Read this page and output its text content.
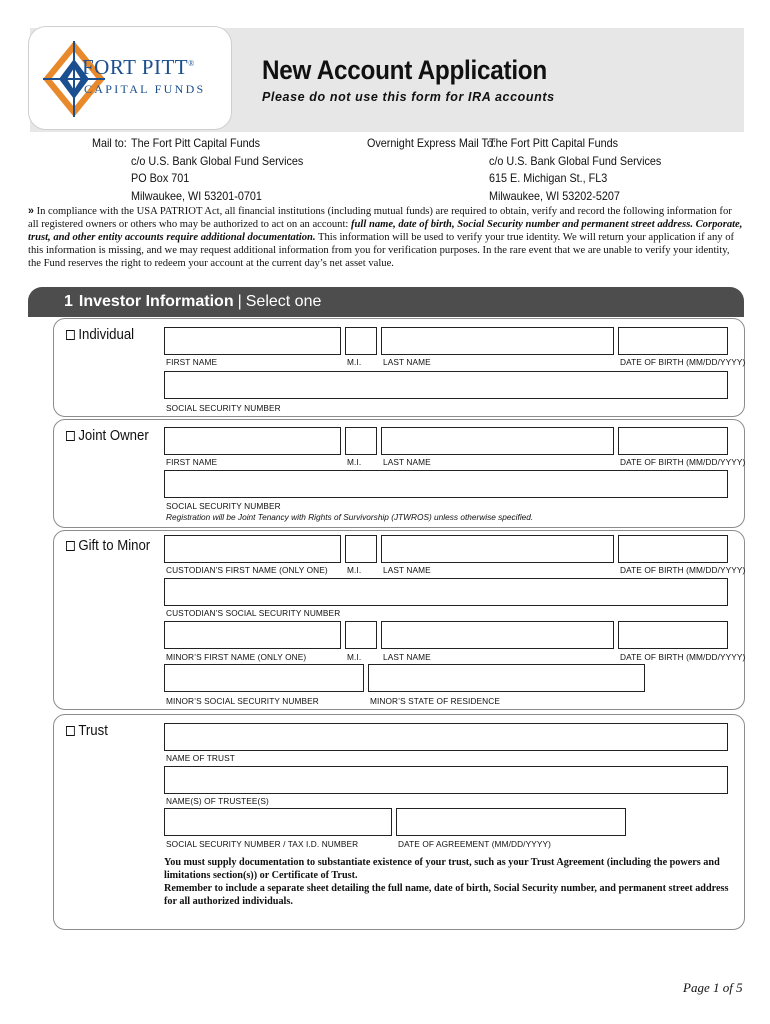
FORT PITT®
CAPITAL FUNDS
New Account Application
Please do not use this form for IRA accounts
Mail to: The Fort Pitt Capital Funds
c/o U.S. Bank Global Fund Services
PO Box 701
Milwaukee, WI 53201-0701
Overnight Express Mail To:
The Fort Pitt Capital Funds
c/o U.S. Bank Global Fund Services
615 E. Michigan St., FL3
Milwaukee, WI 53202-5207
» In compliance with the USA PATRIOT Act, all financial institutions (including mutual funds) are required to obtain, verify and record the following information for all registered owners or others who may be authorized to act on an account: full name, date of birth, Social Security number and permanent street address. Corporate, trust, and other entity accounts require additional documentation. This information will be used to verify your true identity. We will return your application if any of this information is missing, and we may request additional information from you for verification purposes. In the rare event that we are unable to verify your identity, the Fund reserves the right to redeem your account at the current day’s net asset value.
1 Investor Information | Select one
Individual
FIRST NAME	M.I.	LAST NAME	DATE OF BIRTH (MM/DD/YYYY)
SOCIAL SECURITY NUMBER
Joint Owner
FIRST NAME	M.I.	LAST NAME	DATE OF BIRTH (MM/DD/YYYY)
SOCIAL SECURITY NUMBER
Registration will be Joint Tenancy with Rights of Survivorship (JTWROS) unless otherwise specified.
Gift to Minor
CUSTODIAN’S FIRST NAME (ONLY ONE) M.I.	LAST NAME	DATE OF BIRTH (MM/DD/YYYY)
CUSTODIAN’S SOCIAL SECURITY NUMBER
MINOR’S FIRST NAME (ONLY ONE)	M.I.	LAST NAME	DATE OF BIRTH (MM/DD/YYYY)
MINOR’S SOCIAL SECURITY NUMBER	MINOR’S STATE OF RESIDENCE
Trust
NAME OF TRUST
NAME(S) OF TRUSTEE(S)
SOCIAL SECURITY NUMBER / TAX I.D. NUMBER	DATE OF AGREEMENT (MM/DD/YYYY)
You must supply documentation to substantiate existence of your trust, such as your Trust Agreement (including the powers and limitations section(s)) or Certificate of Trust.
Remember to include a separate sheet detailing the full name, date of birth, Social Security number, and permanent street address for all authorized individuals.
Page 1 of 5
